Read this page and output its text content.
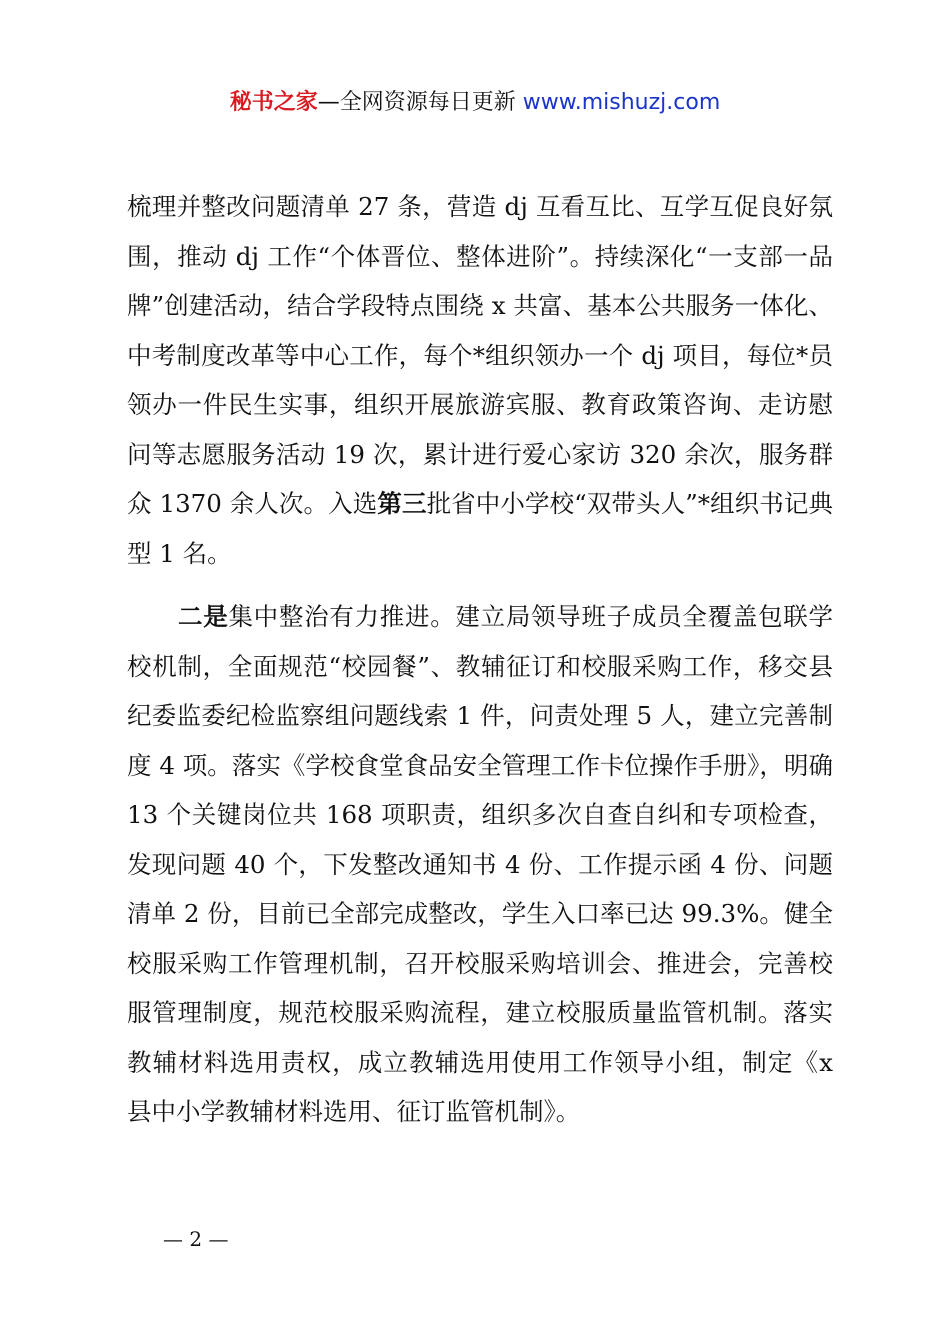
秘书之家—全网资源每日更新 www.mishuzj.com

梳理并整改问题清单 27 条，营造 dj 互看互比、互学互促良好氛围，推动 dj 工作“个体晋位、整体进阶”。持续深化“一支部一品牌”创建活动，结合学段特点围绕 x 共富、基本公共服务一体化、中考制度改革等中心工作，每个*组织领办一个 dj 项目，每位*员领办一件民生实事，组织开展旅游宾服、教育政策咨询、走访慰问等志愿服务活动 19 次，累计进行爱心家访 320 余次，服务群众 1370 余人次。入选第三批省中小学校“双带头人”*组织书记典型 1 名。

二是集中整治有力推进。建立局领导班子成员全覆盖包联学校机制，全面规范“校园餐”、教辅征订和校服采购工作，移交县纪委监委纪检监察组问题线索 1 件，问责处理 5 人，建立完善制度 4 项。落实《学校食堂食品安全管理工作卡位操作手册》，明确 13 个关键岗位共 168 项职责，组织多次自查自纠和专项检查，发现问题 40 个，下发整改通知书 4 份、工作提示函 4 份、问题清单 2 份，目前已全部完成整改，学生入口率已达 99.3%。健全校服采购工作管理机制，召开校服采购培训会、推进会，完善校服管理制度，规范校服采购流程，建立校服质量监管机制。落实教辅材料选用责权，成立教辅选用使用工作领导小组，制定《x 县中小学教辅材料选用、征订监管机制》。

— 2 —
